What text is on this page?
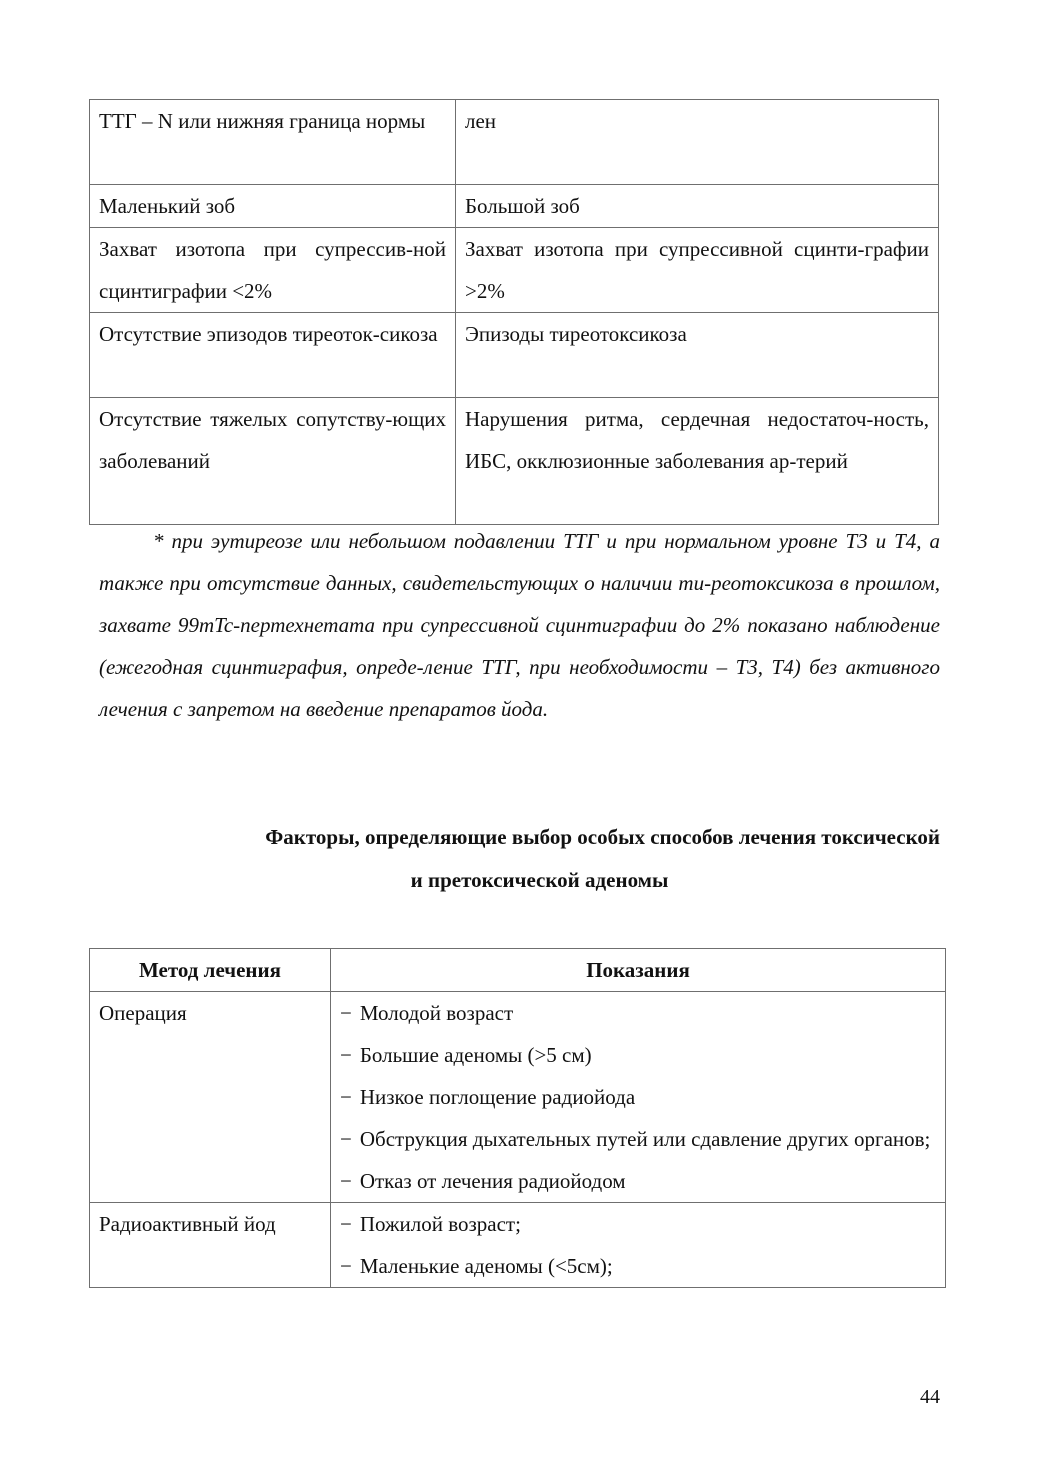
ТТГ – N или нижняя граница нормы	лен
Маленький зоб	Большой зоб
Захват изотопа при супрессив-ной сцинтиграфии <2%	Захват изотопа при супрессивной сцинти-графии >2%
Отсутствие эпизодов тиреоток-сикоза	Эпизоды тиреотоксикоза
Отсутствие тяжелых сопутству-ющих заболеваний	Нарушения ритма, сердечная недостаточ-ность, ИБС, окклюзионные заболевания ар-терий

* при эутиреозе или небольшом подавлении ТТГ и при нормальном уровне Т3 и Т4, а также при отсутствие данных, свидетельстующих о наличии ти-реотоксикоза в прошлом, захвате 99mTc-пертехнетата при супрессивной сцинтиграфии до 2% показано наблюдение (ежегодная сцинтиграфия, опреде-ление ТТГ, при необходимости – Т3, Т4) без активного лечения с запретом на введение препаратов йода.

Факторы, определяющие выбор особых способов лечения токсической
и претоксической аденомы
Метод лечения	Показания
Операция	− Молодой возраст
− Большие аденомы (>5 см)
− Низкое поглощение радиойода
− Обструкция дыхательных путей или сдавление других органов;
− Отказ от лечения радиойодом

Радиоактивный йод	− Пожилой возраст;
− Маленькие аденомы (<5см);
44
